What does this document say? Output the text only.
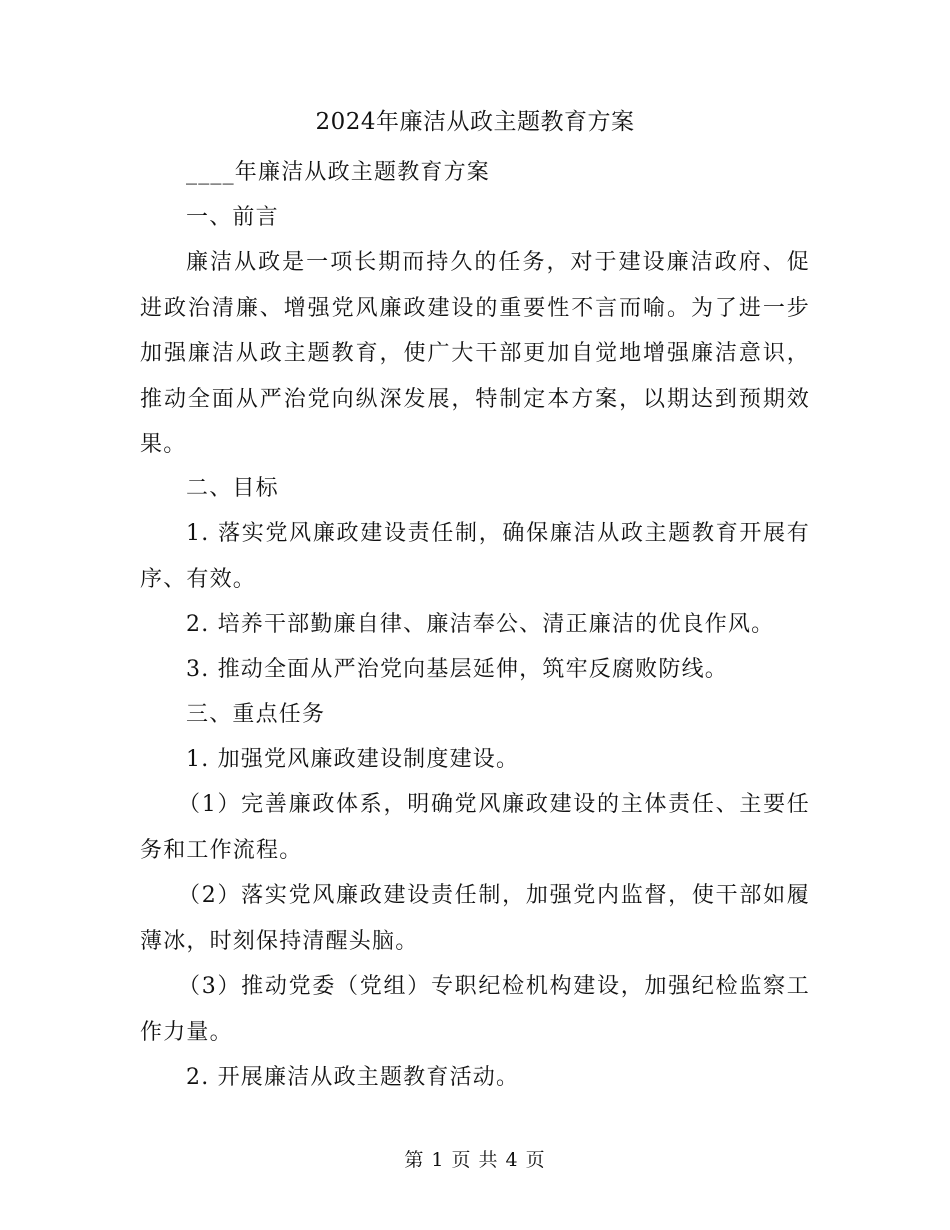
2024年廉洁从政主题教育方案

____年廉洁从政主题教育方案

一、前言

廉洁从政是一项长期而持久的任务，对于建设廉洁政府、促进政治清廉、增强党风廉政建设的重要性不言而喻。为了进一步加强廉洁从政主题教育，使广大干部更加自觉地增强廉洁意识，推动全面从严治党向纵深发展，特制定本方案，以期达到预期效果。

二、目标

1. 落实党风廉政建设责任制，确保廉洁从政主题教育开展有序、有效。

2. 培养干部勤廉自律、廉洁奉公、清正廉洁的优良作风。

3. 推动全面从严治党向基层延伸，筑牢反腐败防线。

三、重点任务

1. 加强党风廉政建设制度建设。

（1）完善廉政体系，明确党风廉政建设的主体责任、主要任务和工作流程。

（2）落实党风廉政建设责任制，加强党内监督，使干部如履薄冰，时刻保持清醒头脑。

（3）推动党委（党组）专职纪检机构建设，加强纪检监察工作力量。

2. 开展廉洁从政主题教育活动。

第 1 页 共 4 页
